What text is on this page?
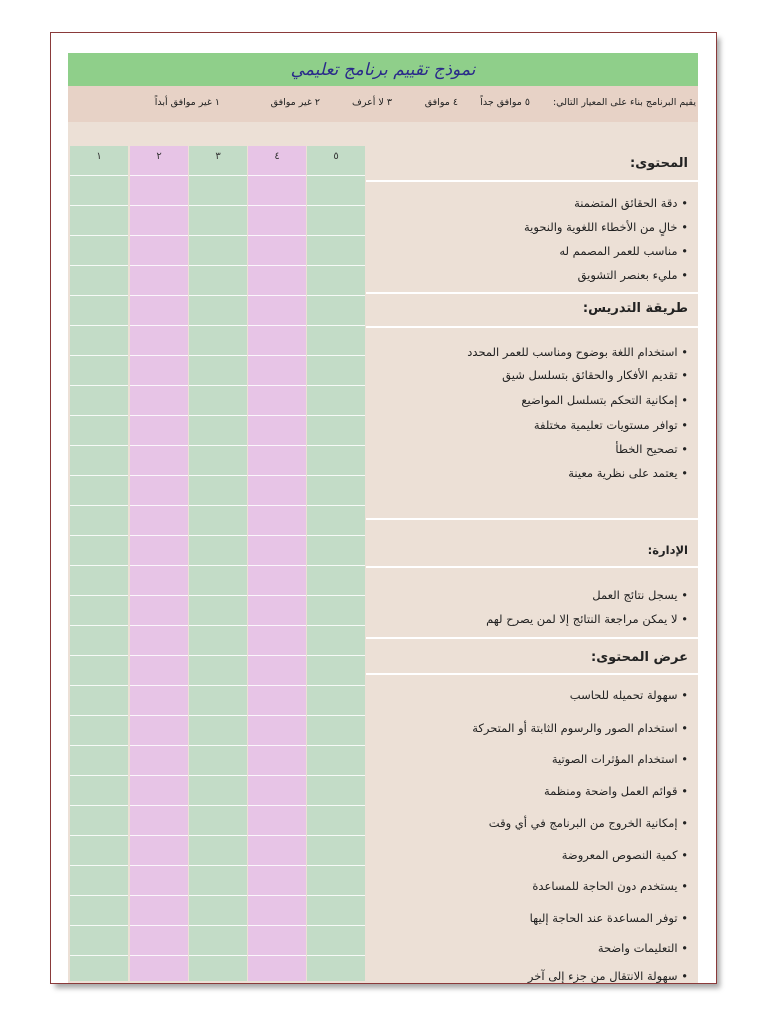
نموذج تقييم برنامج تعليمي
يقيم البرنامج بناء على المعيار التالي:
٥ موافق جداً
٤ موافق
٣ لا أعرف
٢ غير موافق
١ غير موافق أبداً
١	٢	٣	٤	٥	المحتوى:
• دقة الحقائق المتضمنة
• خالٍ من الأخطاء اللغوية والنحوية
• مناسب للعمر المصمم له
• مليء بعنصر التشويق
طريقة التدريس:
• استخدام اللغة بوضوح ومناسب للعمر المحدد
• تقديم الأفكار والحقائق بتسلسل شيق
• إمكانية التحكم بتسلسل المواضيع
• توافر مستويات تعليمية مختلفة
• تصحيح الخطأ
• يعتمد على نظرية معينة
الإدارة:
• يسجل نتائج العمل
• لا يمكن مراجعة النتائج إلا لمن يصرح لهم
عرض المحتوى:
• سهولة تحميله للحاسب
• استخدام الصور والرسوم الثابتة أو المتحركة
• استخدام المؤثرات الصوتية
• قوائم العمل واضحة ومنظمة
• إمكانية الخروج من البرنامج في أي وقت
• كمية النصوص المعروضة
• يستخدم دون الحاجة للمساعدة
• توفر المساعدة عند الحاجة إليها
• التعليمات واضحة
• سهولة الانتقال من جزء إلى آخر
